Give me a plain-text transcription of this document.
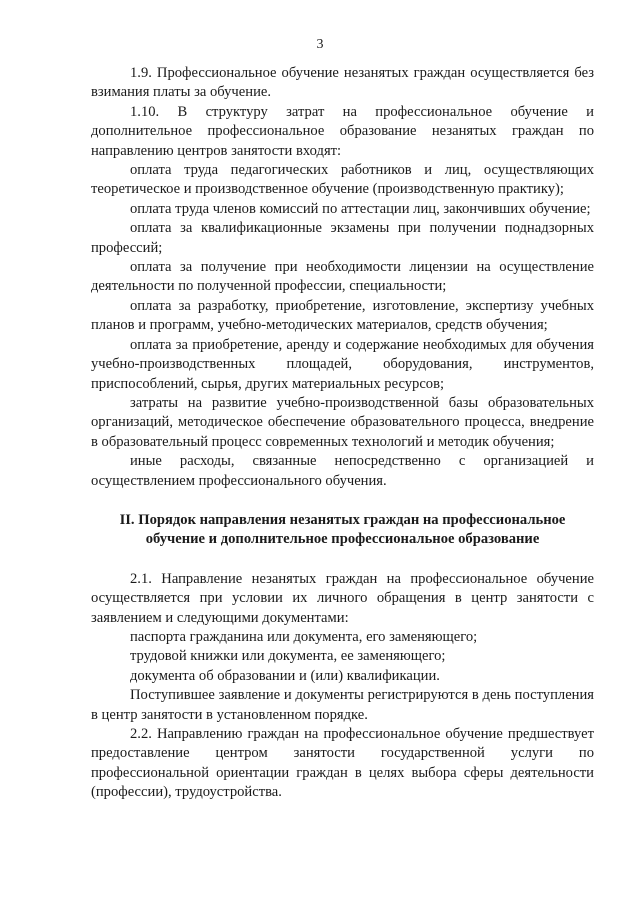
3

1.9. Профессиональное обучение незанятых граждан осуществляется без взимания платы за обучение.

1.10. В структуру затрат на профессиональное обучение и дополнительное профессиональное образование незанятых граждан по направлению центров занятости входят:

оплата труда педагогических работников и лиц, осуществляющих теоретическое и производственное обучение (производственную практику);

оплата труда членов комиссий по аттестации лиц, закончивших обучение;

оплата за квалификационные экзамены при получении поднадзорных профессий;

оплата за получение при необходимости лицензии на осуществление деятельности по полученной профессии, специальности;

оплата за разработку, приобретение, изготовление, экспертизу учебных планов и программ, учебно-методических материалов, средств обучения;

оплата за приобретение, аренду и содержание необходимых для обучения учебно-производственных площадей, оборудования, инструментов, приспособлений, сырья, других материальных ресурсов;

затраты на развитие учебно-производственной базы образовательных организаций, методическое обеспечение образовательного процесса, внедрение в образовательный процесс современных технологий и методик обучения;

иные расходы, связанные непосредственно с организацией и осуществлением профессионального обучения.

II. Порядок направления незанятых граждан на профессиональное обучение и дополнительное профессиональное образование

2.1. Направление незанятых граждан на профессиональное обучение осуществляется при условии их личного обращения в центр занятости с заявлением и следующими документами:

паспорта гражданина или документа, его заменяющего;

трудовой книжки или документа, ее заменяющего;

документа об образовании и (или) квалификации.

Поступившее заявление и документы регистрируются в день поступления в центр занятости в установленном порядке.

2.2. Направлению граждан на профессиональное обучение предшествует предоставление центром занятости государственной услуги по профессиональной ориентации граждан в целях выбора сферы деятельности (профессии), трудоустройства.
